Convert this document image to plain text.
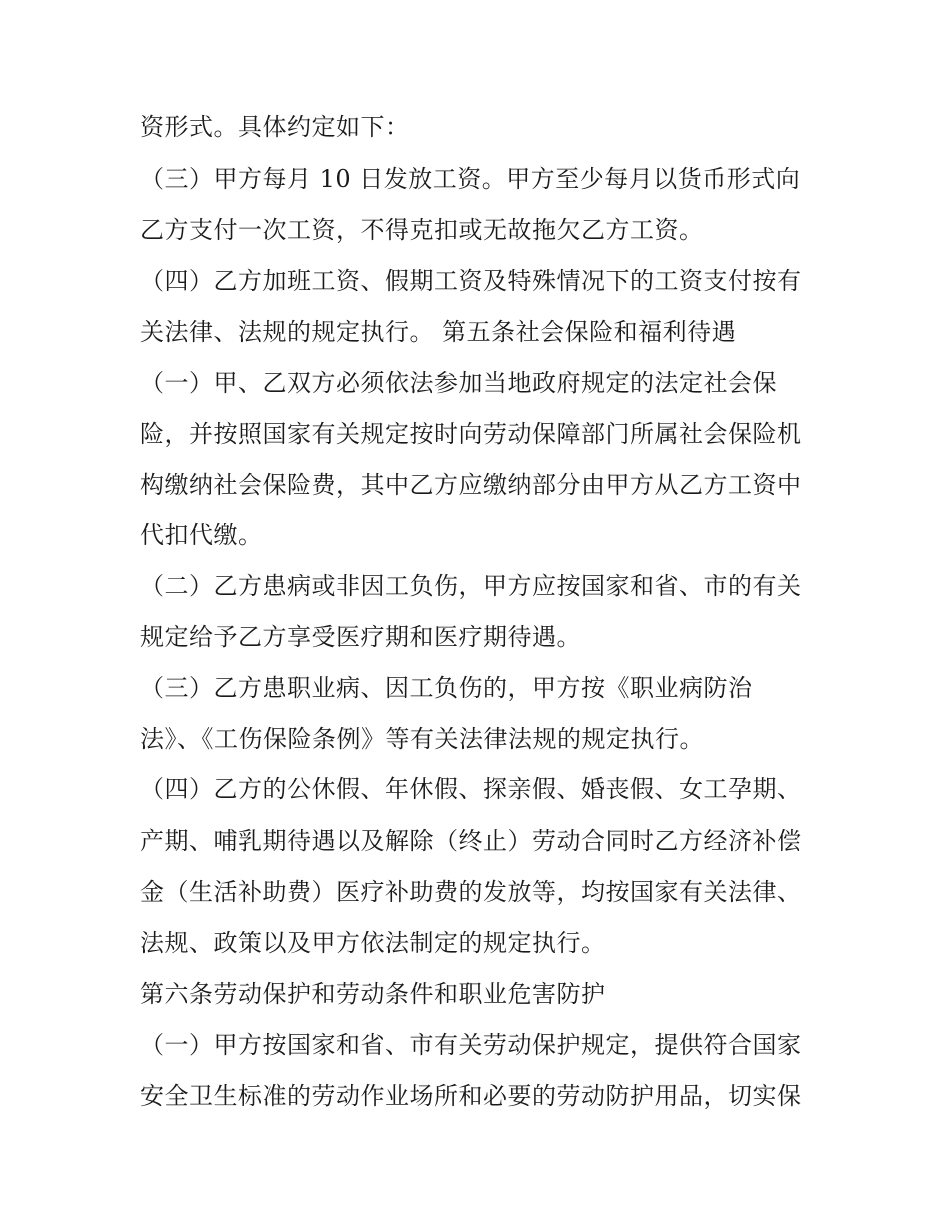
资形式。具体约定如下：
（三）甲方每月 10 日发放工资。甲方至少每月以货币形式向
乙方支付一次工资，不得克扣或无故拖欠乙方工资。
（四）乙方加班工资、假期工资及特殊情况下的工资支付按有
关法律、法规的规定执行。 第五条社会保险和福利待遇
（一）甲、乙双方必须依法参加当地政府规定的法定社会保
险，并按照国家有关规定按时向劳动保障部门所属社会保险机
构缴纳社会保险费，其中乙方应缴纳部分由甲方从乙方工资中
代扣代缴。
（二）乙方患病或非因工负伤，甲方应按国家和省、市的有关
规定给予乙方享受医疗期和医疗期待遇。
（三）乙方患职业病、因工负伤的，甲方按《职业病防治
法》、《工伤保险条例》等有关法律法规的规定执行。
（四）乙方的公休假、年休假、探亲假、婚丧假、女工孕期、
产期、哺乳期待遇以及解除（终止）劳动合同时乙方经济补偿
金（生活补助费）医疗补助费的发放等，均按国家有关法律、
法规、政策以及甲方依法制定的规定执行。
第六条劳动保护和劳动条件和职业危害防护
（一）甲方按国家和省、市有关劳动保护规定，提供符合国家
安全卫生标准的劳动作业场所和必要的劳动防护用品，切实保
